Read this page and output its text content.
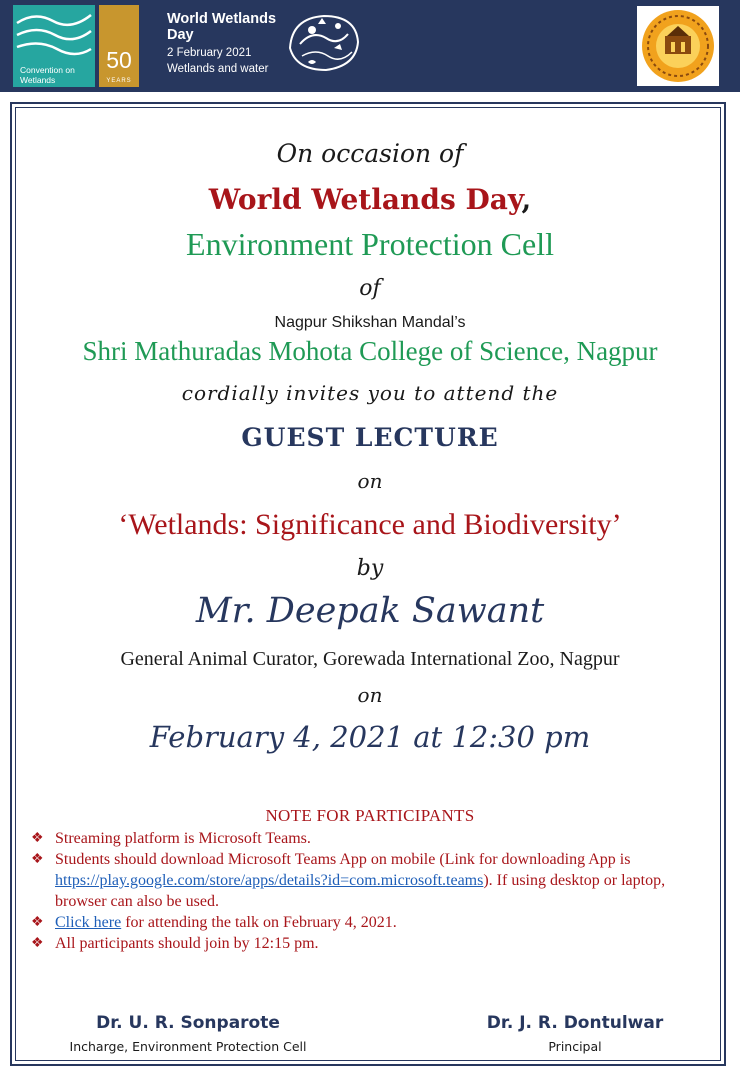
Convention on Wetlands
50
YEARS
World Wetlands Day
2 February 2021
Wetlands and water
On occasion of
World Wetlands Day,
Environment Protection Cell
of
Nagpur Shikshan Mandal’s
Shri Mathuradas Mohota College of Science, Nagpur
cordially invites you to attend the
GUEST LECTURE
on
‘Wetlands: Significance and Biodiversity’
by
Mr. Deepak Sawant
General Animal Curator, Gorewada International Zoo, Nagpur
on
February 4, 2021 at 12:30 pm
NOTE FOR PARTICIPANTS
❖ Streaming platform is Microsoft Teams.
❖ Students should download Microsoft Teams App on mobile (Link for downloading App is https://play.google.com/store/apps/details?id=com.microsoft.teams). If using desktop or laptop, browser can also be used.
❖ Click here for attending the talk on February 4, 2021.
❖ All participants should join by 12:15 pm.
Dr. U. R. Sonparote
Incharge, Environment Protection Cell
Dr. J. R. Dontulwar
Principal
